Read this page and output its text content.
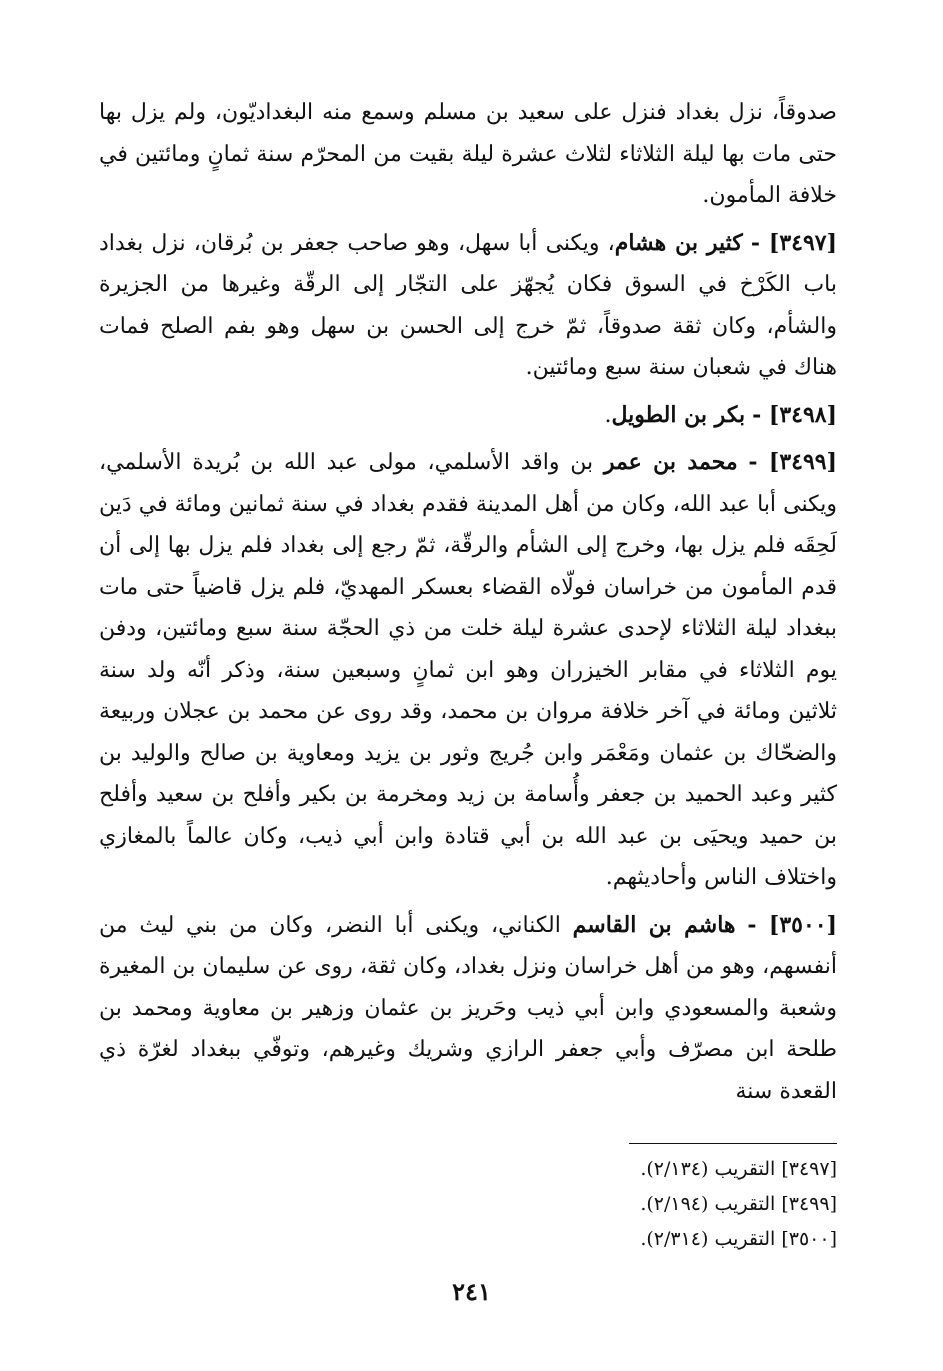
صدوقاً، نزل بغداد فنزل على سعيد بن مسلم وسمع منه البغداديّون، ولم يزل بها حتى مات بها ليلة الثلاثاء لثلاث عشرة ليلة بقيت من المحرّم سنة ثمانٍ ومائتين في خلافة المأمون.

[٣٤٩٧] - كثير بن هشام، ويكنى أبا سهل، وهو صاحب جعفر بن بُرقان، نزل بغداد باب الكَرْخ في السوق فكان يُجهّز على التجّار إلى الرقّة وغيرها من الجزيرة والشأم، وكان ثقة صدوقاً، ثمّ خرج إلى الحسن بن سهل وهو بفم الصلح فمات هناك في شعبان سنة سبع ومائتين.

[٣٤٩٨] - بكر بن الطويل.

[٣٤٩٩] - محمد بن عمر بن واقد الأسلمي، مولى عبد الله بن بُريدة الأسلمي، ويكنى أبا عبد الله، وكان من أهل المدينة فقدم بغداد في سنة ثمانين ومائة في دَين لَحِقَه فلم يزل بها، وخرج إلى الشأم والرقّة، ثمّ رجع إلى بغداد فلم يزل بها إلى أن قدم المأمون من خراسان فولّاه القضاء بعسكر المهديّ، فلم يزل قاضياً حتى مات ببغداد ليلة الثلاثاء لإحدى عشرة ليلة خلت من ذي الحجّة سنة سبع ومائتين، ودفن يوم الثلاثاء في مقابر الخيزران وهو ابن ثمانٍ وسبعين سنة، وذكر أنّه ولد سنة ثلاثين ومائة في آخر خلافة مروان بن محمد، وقد روى عن محمد بن عجلان وربيعة والضحّاك بن عثمان ومَعْمَر وابن جُريج وثور بن يزيد ومعاوية بن صالح والوليد بن كثير وعبد الحميد بن جعفر وأُسامة بن زيد ومخرمة بن بكير وأفلح بن سعيد وأفلح بن حميد ويحيَى بن عبد الله بن أبي قتادة وابن أبي ذيب، وكان عالماً بالمغازي واختلاف الناس وأحاديثهم.

[٣٥٠٠] - هاشم بن القاسم الكناني، ويكنى أبا النضر، وكان من بني ليث من أنفسهم، وهو من أهل خراسان ونزل بغداد، وكان ثقة، روى عن سليمان بن المغيرة وشعبة والمسعودي وابن أبي ذيب وحَريز بن عثمان وزهير بن معاوية ومحمد بن طلحة ابن مصرّف وأبي جعفر الرازي وشريك وغيرهم، وتوفّي ببغداد لغرّة ذي القعدة سنة

[٣٤٩٧] التقريب (٢/١٣٤).

[٣٤٩٩] التقريب (٢/١٩٤).

[٣٥٠٠] التقريب (٢/٣١٤).

٢٤١
